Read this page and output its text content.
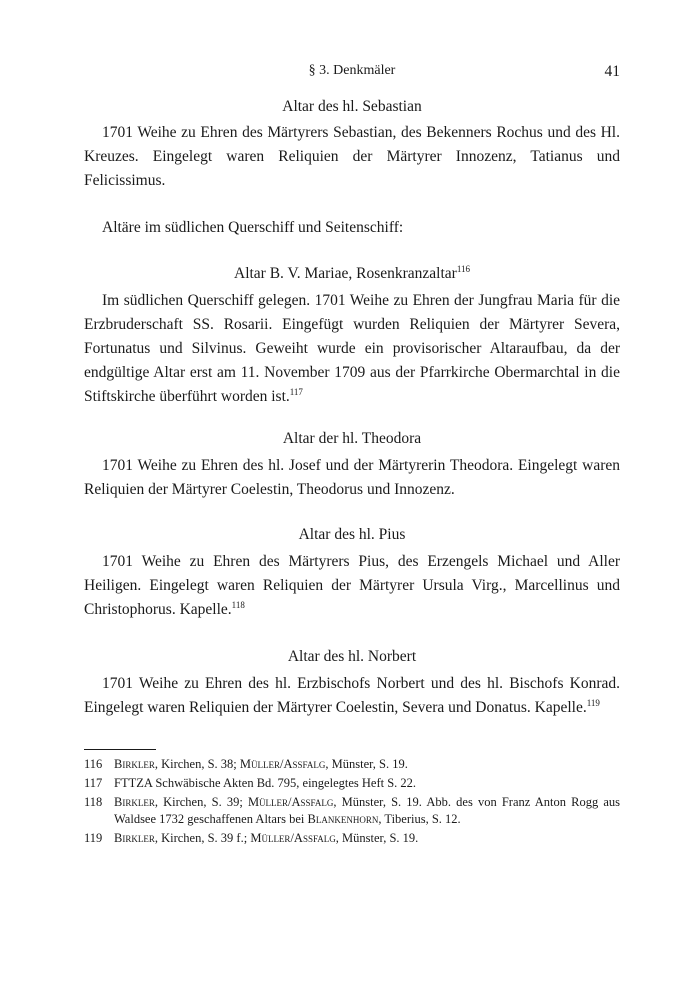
§ 3. Denkmäler	41
Altar des hl. Sebastian
1701 Weihe zu Ehren des Märtyrers Sebastian, des Bekenners Rochus und des Hl. Kreuzes. Eingelegt waren Reliquien der Märtyrer Innozenz, Tatianus und Felicissimus.
Altäre im südlichen Querschiff und Seitenschiff:
Altar B. V. Mariae, Rosenkranzaltar$^{116}$
Im südlichen Querschiff gelegen. 1701 Weihe zu Ehren der Jungfrau Maria für die Erzbruderschaft SS. Rosarii. Eingefügt wurden Reliquien der Märtyrer Severa, Fortunatus und Silvinus. Geweiht wurde ein provisorischer Altaraufbau, da der endgültige Altar erst am 11. November 1709 aus der Pfarrkirche Obermarchtal in die Stiftskirche überführt worden ist.$^{117}$
Altar der hl. Theodora
1701 Weihe zu Ehren des hl. Josef und der Märtyrerin Theodora. Eingelegt waren Reliquien der Märtyrer Coelestin, Theodorus und Innozenz.
Altar des hl. Pius
1701 Weihe zu Ehren des Märtyrers Pius, des Erzengels Michael und Aller Heiligen. Eingelegt waren Reliquien der Märtyrer Ursula Virg., Marcellinus und Christophorus. Kapelle.$^{118}$
Altar des hl. Norbert
1701 Weihe zu Ehren des hl. Erzbischofs Norbert und des hl. Bischofs Konrad. Eingelegt waren Reliquien der Märtyrer Coelestin, Severa und Donatus. Kapelle.$^{119}$
116 Birkler, Kirchen, S. 38; Müller/Assfalg, Münster, S. 19.
117 FTTZA Schwäbische Akten Bd. 795, eingelegtes Heft S. 22.
118 Birkler, Kirchen, S. 39; Müller/Assfalg, Münster, S. 19. Abb. des von Franz Anton Rogg aus Waldsee 1732 geschaffenen Altars bei Blankenhorn, Tiberius, S. 12.
119 Birkler, Kirchen, S. 39 f.; Müller/Assfalg, Münster, S. 19.
